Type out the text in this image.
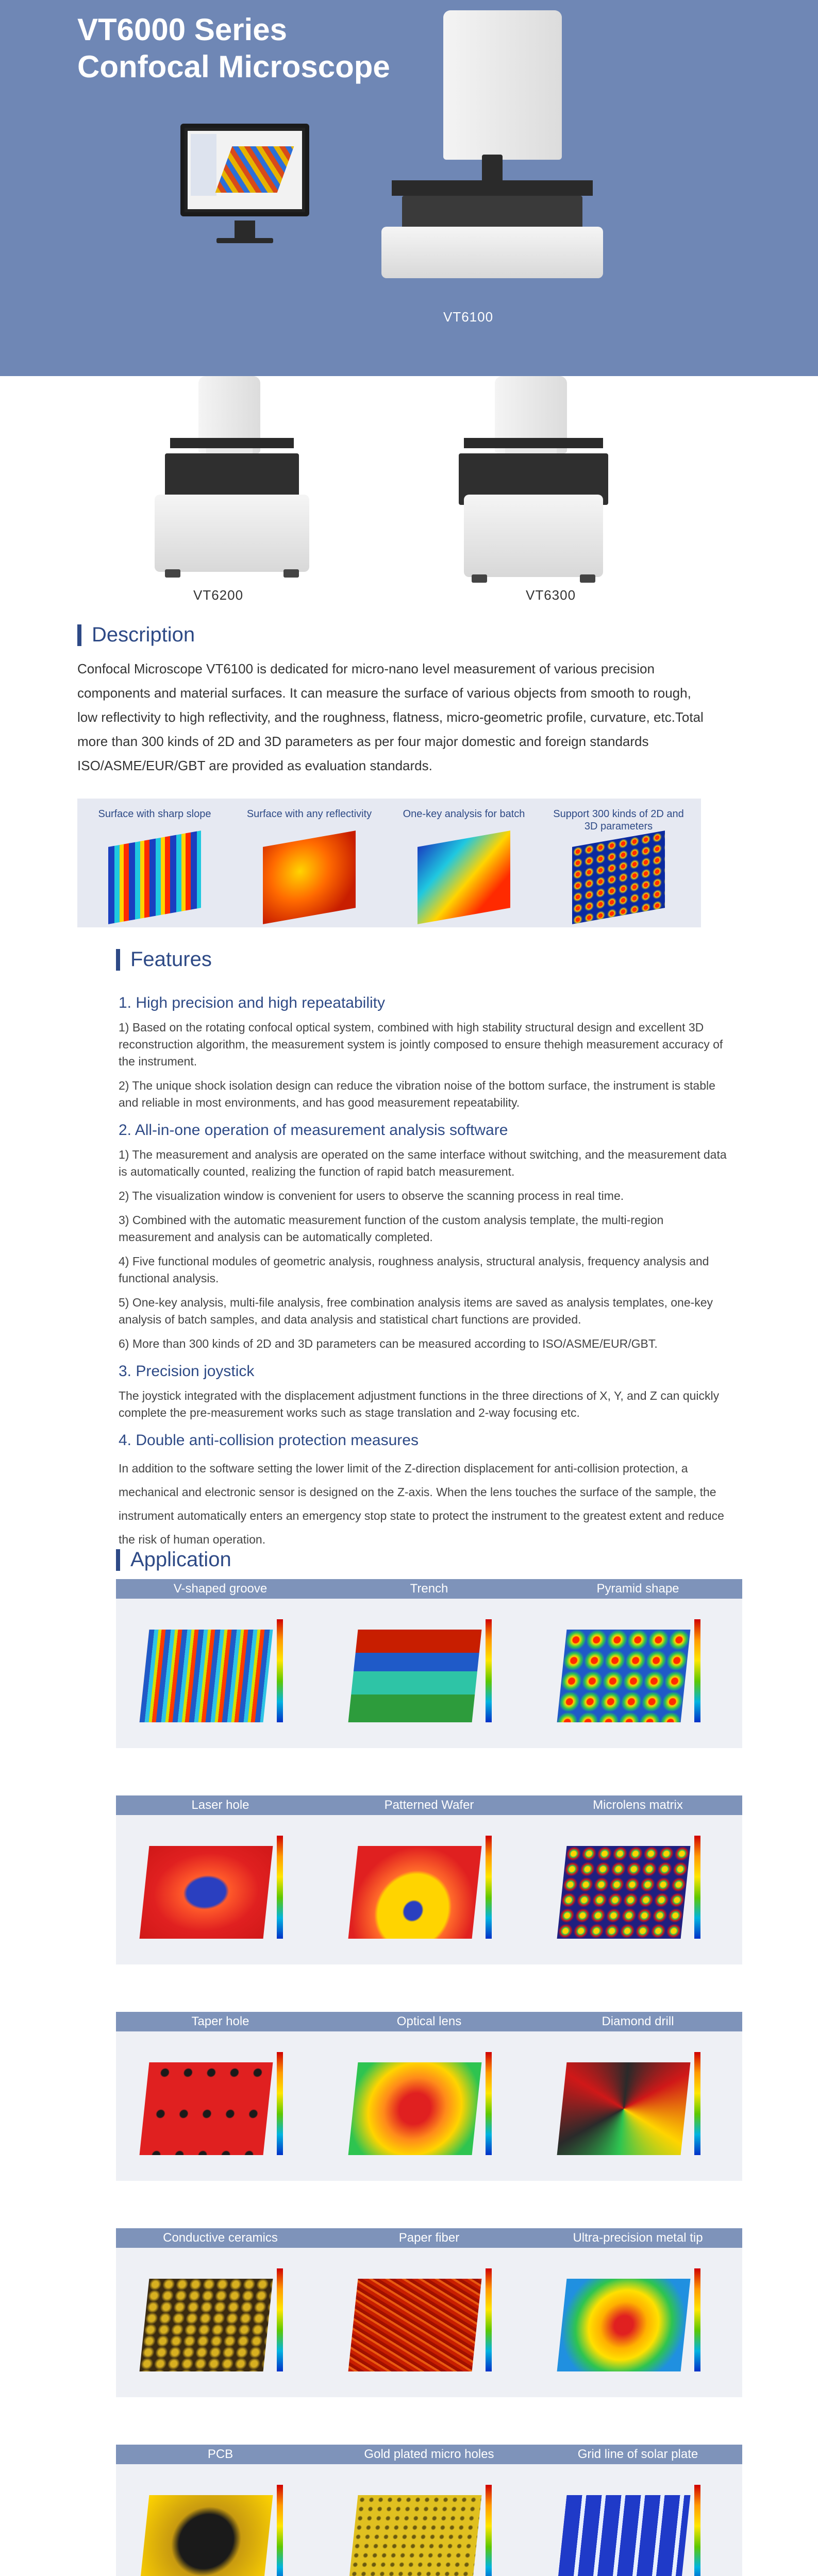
VT6000 Series
Confocal Microscope
VT6100
VT6200	VT6300
Description

Confocal Microscope VT6100 is dedicated for micro-nano level measurement of various precision components and material surfaces. It can measure the surface of various objects from smooth to rough, low reflectivity to high reflectivity, and the roughness, flatness, micro-geometric profile, curvature, etc.Total more than 300 kinds of 2D and 3D parameters as per four major domestic and foreign standards ISO/ASME/EUR/GBT are provided as evaluation standards.

Surface with sharp slope	Surface with any reflectivity	One-key analysis for batch	Support 300 kinds of 2D and 3D parameters
Features
1. High precision and high repeatability
1) Based on the rotating confocal optical system, combined with high stability structural design and excellent 3D reconstruction algorithm, the measurement system is jointly composed to ensure thehigh measurement accuracy of the instrument.
2) The unique shock isolation design can reduce the vibration noise of the bottom surface, the instrument is stable and reliable in most environments, and has good measurement repeatability.
2. All-in-one operation of measurement analysis software
1) The measurement and analysis are operated on the same interface without switching, and the measurement data is automatically counted, realizing the function of rapid batch measurement.
2) The visualization window is convenient for users to observe the scanning process in real time.
3) Combined with the automatic measurement function of the custom analysis template, the multi-region measurement and analysis can be automatically completed.
4) Five functional modules of geometric analysis, roughness analysis, structural analysis, frequency analysis and functional analysis.
5) One-key analysis, multi-file analysis, free combination analysis items are saved as analysis templates, one-key analysis of batch samples, and data analysis and statistical chart functions are provided.
6) More than 300 kinds of 2D and 3D parameters can be measured according to ISO/ASME/EUR/GBT.
3. Precision joystick
The joystick integrated with the displacement adjustment functions in the three directions of X, Y, and Z can quickly complete the pre-measurement works such as stage translation and 2-way focusing etc.
4. Double anti-collision protection measures
In addition to the software setting the lower limit of the Z-direction displacement for anti-collision protection, a mechanical and electronic sensor is designed on the Z-axis. When the lens touches the surface of the sample, the instrument automatically enters an emergency stop state to protect the instrument to the greatest extent and reduce the risk of human operation.
Application
V-shaped groove	Trench	Pyramid shape
Laser hole	Patterned Wafer	Microlens matrix
Taper hole	Optical lens	Diamond drill
Conductive ceramics	Paper fiber	Ultra-precision metal tip
PCB	Gold plated micro holes	Grid line of solar plate
